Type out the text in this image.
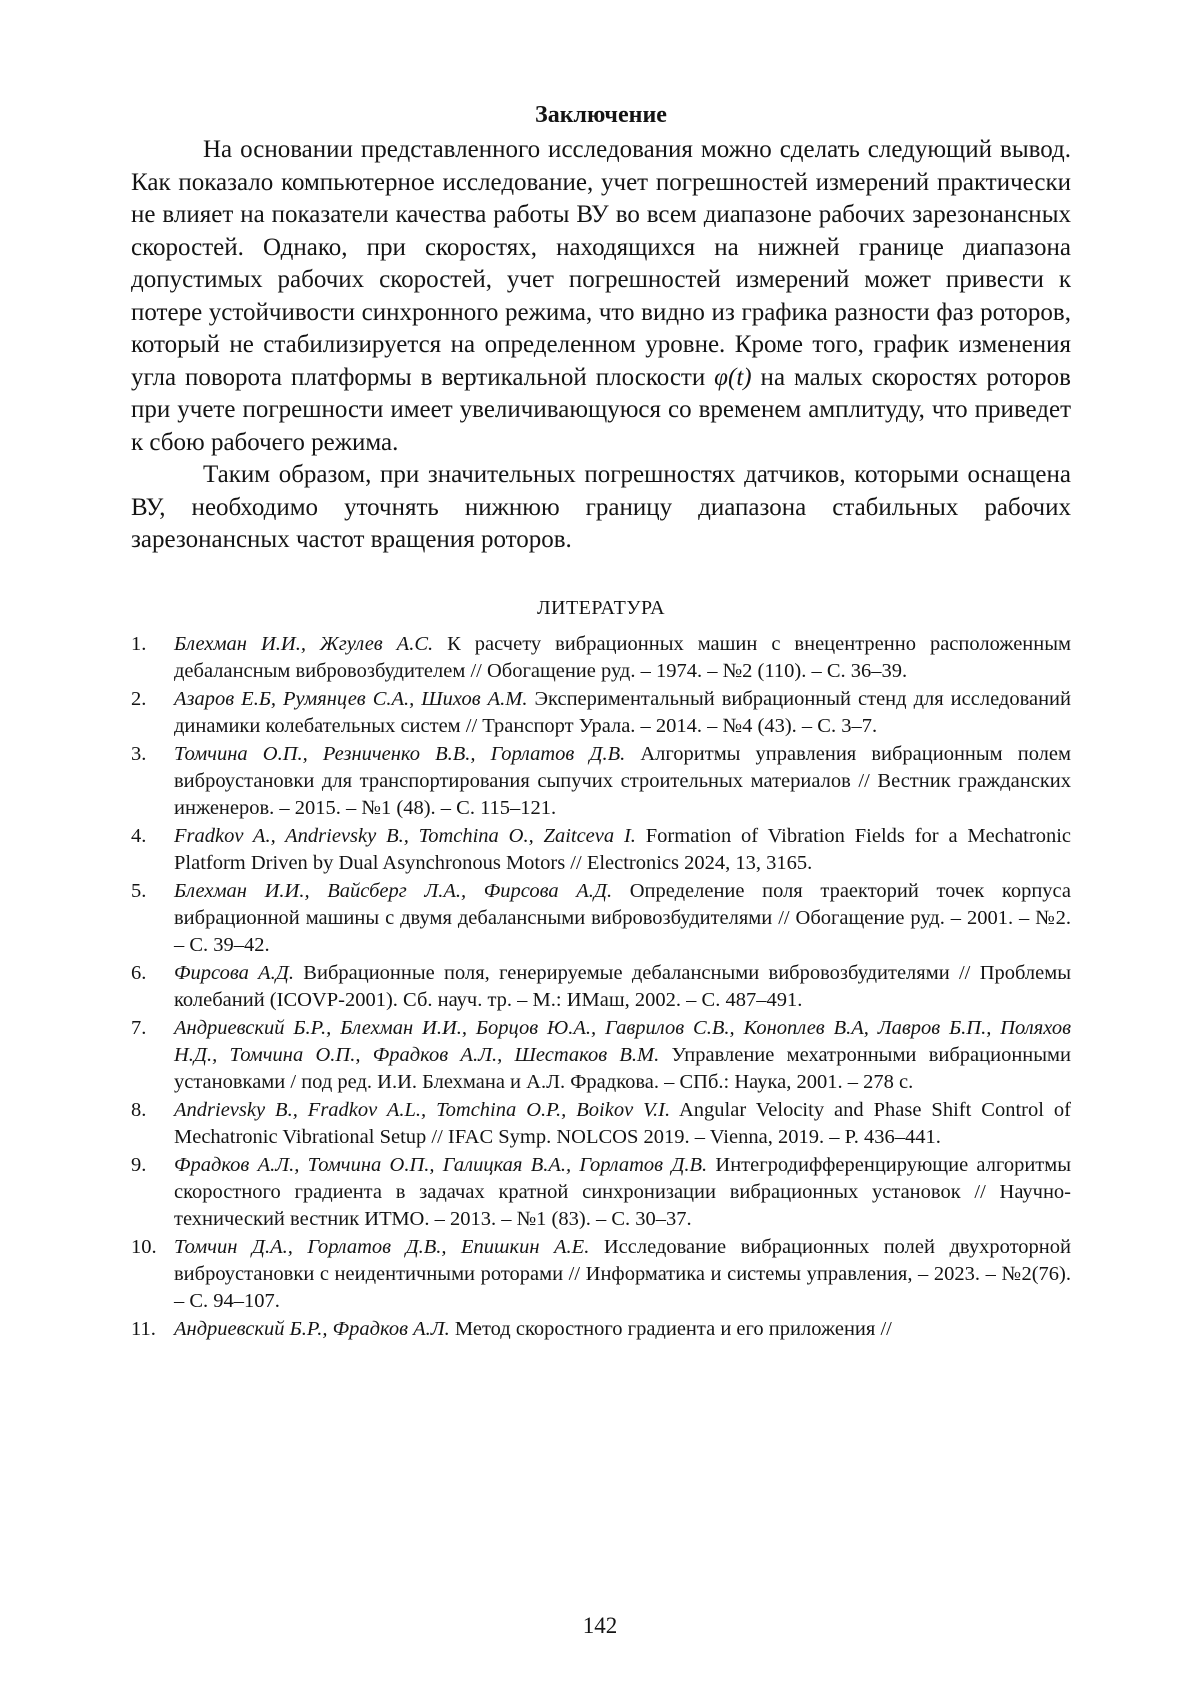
Заключение

На основании представленного исследования можно сделать следующий вывод. Как показало компьютерное исследование, учет погрешностей измерений практически не влияет на показатели качества работы ВУ во всем диапазоне рабочих зарезонансных скоростей. Однако, при скоростях, находящихся на нижней границе диапазона допустимых рабочих скоростей, учет погрешностей измерений может привести к потере устойчивости синхронного режима, что видно из графика разности фаз роторов, который не стабилизируется на определенном уровне. Кроме того, график изменения угла поворота платформы в вертикальной плоскости φ(t) на малых скоростях роторов при учете погрешности имеет увеличивающуюся со временем амплитуду, что приведет к сбою рабочего режима.

Таким образом, при значительных погрешностях датчиков, которыми оснащена ВУ, необходимо уточнять нижнюю границу диапазона стабильных рабочих зарезонансных частот вращения роторов.

ЛИТЕРАТУРА
1. Блехман И.И., Жгулев А.С. К расчету вибрационных машин с внецентренно расположенным дебалансным вибровозбудителем // Обогащение руд. – 1974. – №2 (110). – С. 36–39.
2. Азаров Е.Б, Румянцев С.А., Шихов А.М. Экспериментальный вибрационный стенд для исследований динамики колебательных систем // Транспорт Урала. – 2014. – №4 (43). – С. 3–7.
3. Томчина О.П., Резниченко В.В., Горлатов Д.В. Алгоритмы управления вибрационным полем виброустановки для транспортирования сыпучих строительных материалов // Вестник гражданских инженеров. – 2015. – №1 (48). – С. 115–121.
4. Fradkov A., Andrievsky B., Tomchina O., Zaitceva I. Formation of Vibration Fields for a Mechatronic Platform Driven by Dual Asynchronous Motors // Electronics 2024, 13, 3165.
5. Блехман И.И., Вайсберг Л.А., Фирсова А.Д. Определение поля траекторий точек корпуса вибрационной машины с двумя дебалансными вибровозбудителями // Обогащение руд. – 2001. – №2. – С. 39–42.
6. Фирсова А.Д. Вибрационные поля, генерируемые дебалансными вибровозбудителями // Проблемы колебаний (ICOVP-2001). Сб. науч. тр. – М.: ИМаш, 2002. – С. 487–491.
7. Андриевский Б.Р., Блехман И.И., Борцов Ю.А., Гаврилов С.В., Коноплев В.А, Лавров Б.П., Поляхов Н.Д., Томчина О.П., Фрадков А.Л., Шестаков В.М. Управление мехатронными вибрационными установками / под ред. И.И. Блехмана и А.Л. Фрадкова. – СПб.: Наука, 2001. – 278 с.
8. Andrievsky B., Fradkov A.L., Tomchina O.P., Boikov V.I. Angular Velocity and Phase Shift Control of Mechatronic Vibrational Setup // IFAC Symp. NOLCOS 2019. – Vienna, 2019. – P. 436–441.
9. Фрадков А.Л., Томчина О.П., Галицкая В.А., Горлатов Д.В. Интегродифференцирующие алгоритмы скоростного градиента в задачах кратной синхронизации вибрационных установок // Научно-технический вестник ИТМО. – 2013. – №1 (83). – С. 30–37.
10. Томчин Д.А., Горлатов Д.В., Епишкин А.Е. Исследование вибрационных полей двухроторной виброустановки с неидентичными роторами // Информатика и системы управления, – 2023. – №2(76). – С. 94–107.
11. Андриевский Б.Р., Фрадков А.Л. Метод скоростного градиента и его приложения //
142
